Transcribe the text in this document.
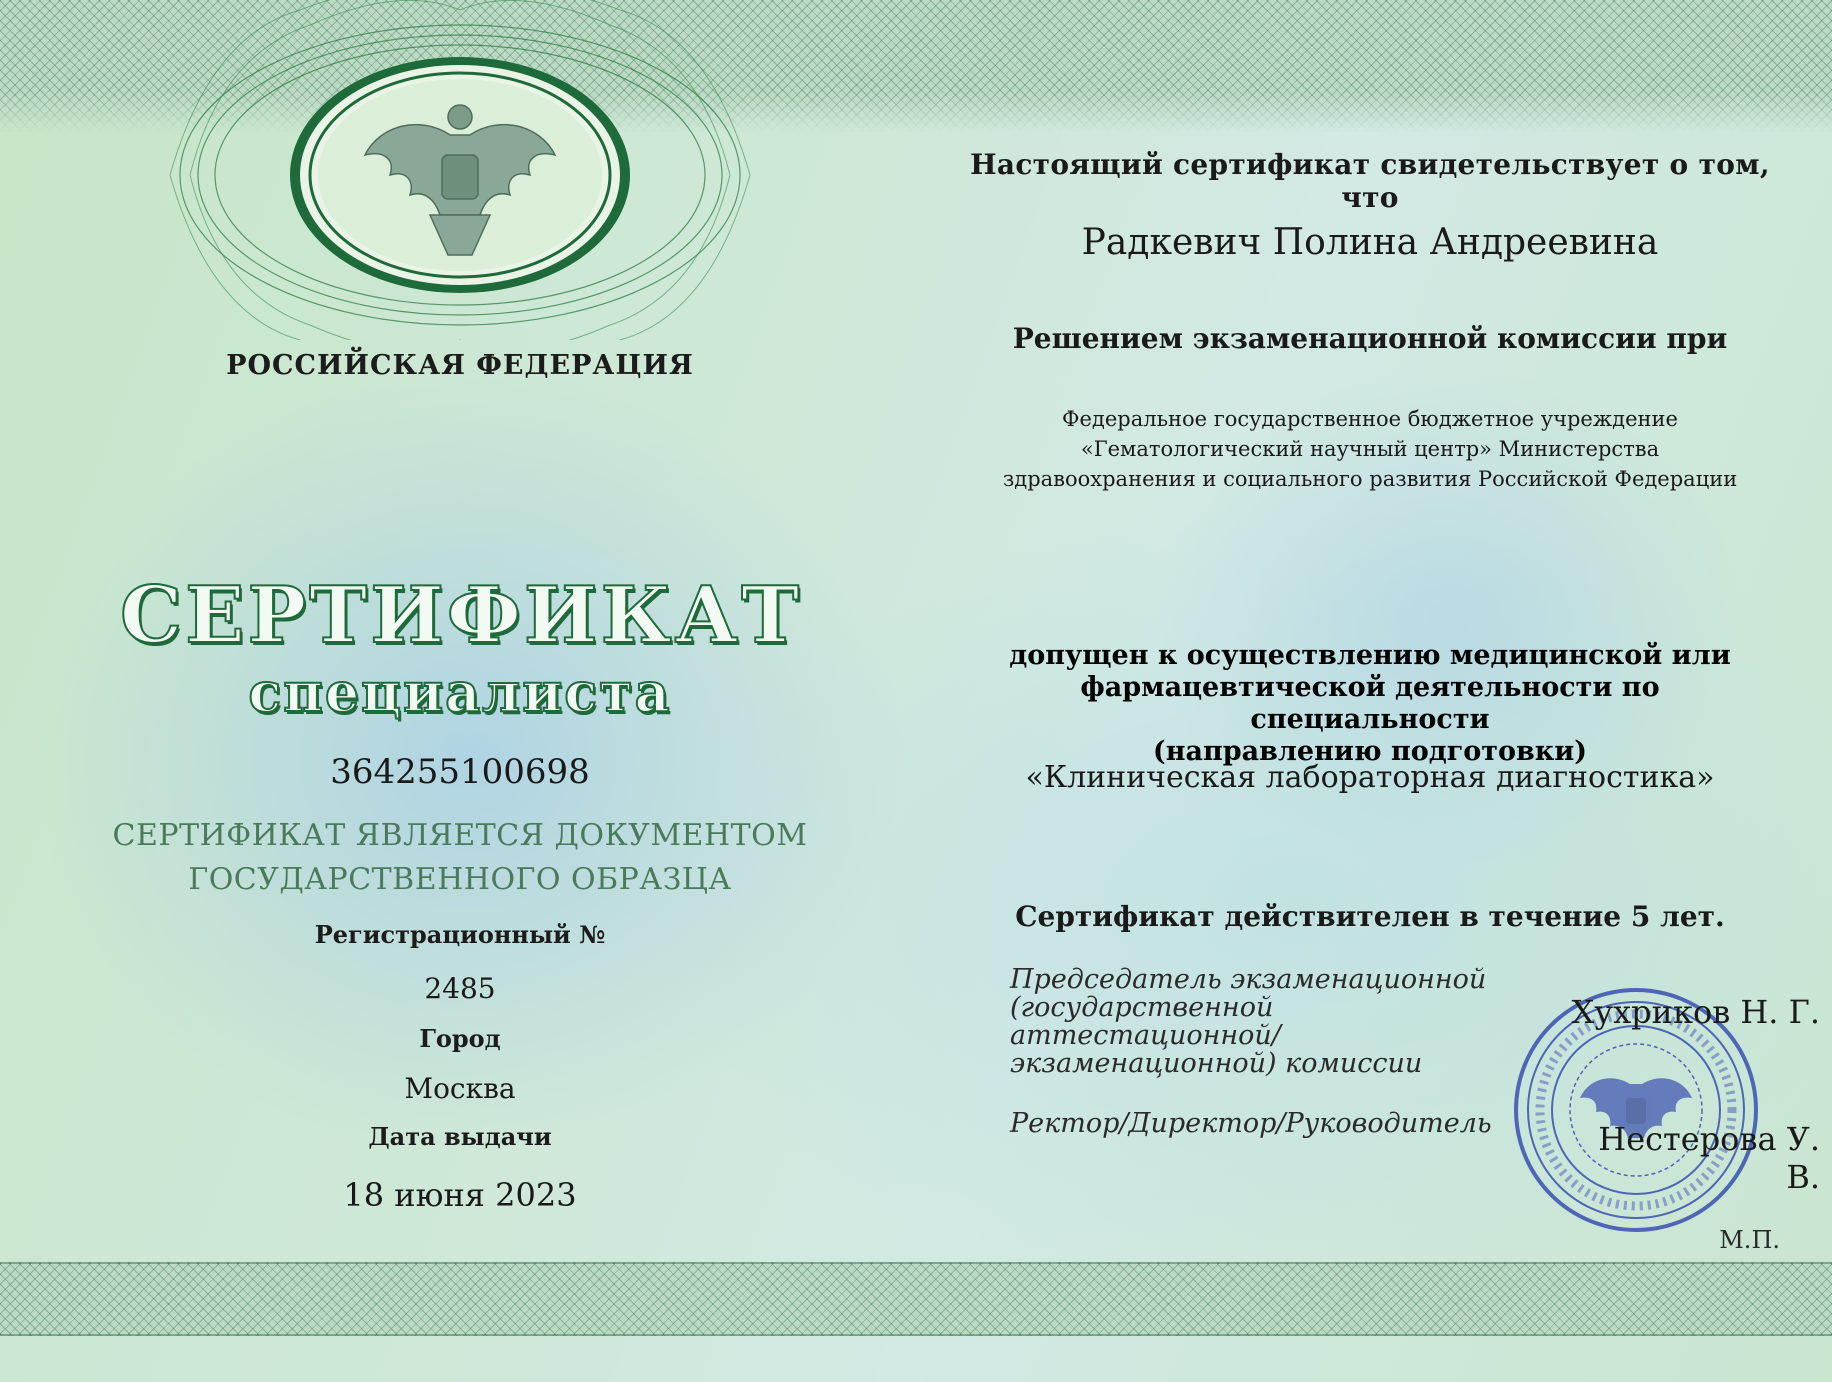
РОССИЙСКАЯ ФЕДЕРАЦИЯ
СЕРТИФИКАТ
специалиста
364255100698
СЕРТИФИКАТ ЯВЛЯЕТСЯ ДОКУМЕНТОМ
ГОСУДАРСТВЕННОГО ОБРАЗЦА
Регистрационный №
2485
Город
Москва
Дата выдачи
18 июня 2023
Настоящий сертификат свидетельствует о том, что
Радкевич Полина Андреевина
Решением экзаменационной комиссии при
Федеральное государственное бюджетное учреждение
«Гематологический научный центр» Министерства
здравоохранения и социального развития Российской Федерации
допущен к осуществлению медицинской или
фармацевтической деятельности по специальности
(направлению подготовки)
«Клиническая лабораторная диагностика»
Сертификат действителен в течение 5 лет.
Председатель экзаменационной
(государственной аттестационной/
экзаменационной) комиссии
Ректор/Директор/Руководитель
Хухриков Н. Г.
Нестерова У. В.
М.П.
